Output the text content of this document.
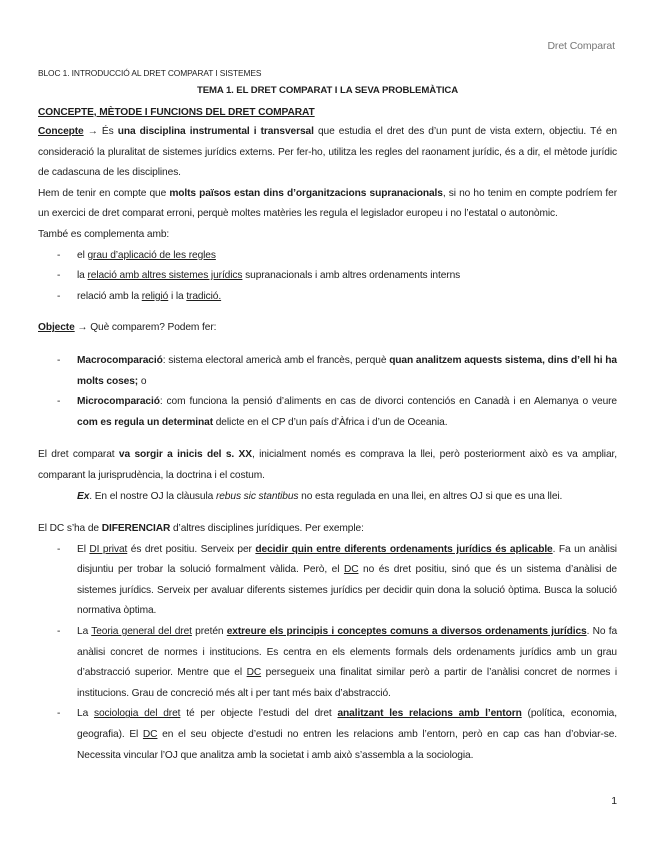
Dret Comparat
BLOC 1. INTRODUCCIÓ AL DRET COMPARAT I SISTEMES
TEMA 1. EL DRET COMPARAT I LA SEVA PROBLEMÀTICA
CONCEPTE, MÈTODE I FUNCIONS DEL DRET COMPARAT

Concepte → És una disciplina instrumental i transversal que estudia el dret des d’un punt de vista extern, objectiu. Té en consideració la pluralitat de sistemes jurídics externs. Per fer-ho, utilitza les regles del raonament jurídic, és a dir, el mètode jurídic de cadascuna de les disciplines.

Hem de tenir en compte que molts països estan dins d’organitzacions supranacionals, si no ho tenim en compte podríem fer un exercici de dret comparat erroni, perquè moltes matèries les regula el legislador europeu i no l’estatal o autonòmic.

També es complementa amb:

- el grau d’aplicació de les regles
- la relació amb altres sistemes jurídics supranacionals i amb altres ordenaments interns
- relació amb la religió i la tradició.

Objecte → Què comparem? Podem fer:

- Macrocomparació: sistema electoral americà amb el francès, perquè quan analitzem aquests sistema, dins d’ell hi ha molts coses; o
- Microcomparació: com funciona la pensió d’aliments en cas de divorci contenciós en Canadà i en Alemanya o veure com es regula un determinat delicte en el CP d’un país d’Àfrica i d’un de Oceania.

El dret comparat va sorgir a inicis del s. XX, inicialment només es comprava la llei, però posteriorment això es va ampliar, comparant la jurisprudència, la doctrina i el costum.

Ex. En el nostre OJ la clàusula rebus sic stantibus no esta regulada en una llei, en altres OJ si que es una llei.

El DC s’ha de DIFERENCIAR d’altres disciplines jurídiques. Per exemple:

- El DI privat és dret positiu. Serveix per decidir quin entre diferents ordenaments jurídics és aplicable. Fa un anàlisi disjuntiu per trobar la solució formalment vàlida. Però, el DC no és dret positiu, sinó que és un sistema d’anàlisi de sistemes jurídics. Serveix per avaluar diferents sistemes jurídics per decidir quin dona la solució òptima. Busca la solució normativa òptima.
- La Teoria general del dret pretén extreure els principis i conceptes comuns a diversos ordenaments jurídics. No fa anàlisi concret de normes i institucions. Es centra en els elements formals dels ordenaments jurídics amb un grau d’abstracció superior. Mentre que el DC persegueix una finalitat similar però a partir de l’anàlisi concret de normes i institucions. Grau de concreció més alt i per tant més baix d’abstracció.
- La sociologia del dret té per objecte l’estudi del dret analitzant les relacions amb l’entorn (política, economia, geografia). El DC en el seu objecte d’estudi no entren les relacions amb l’entorn, però en cap cas han d’obviar-se. Necessita vincular l’OJ que analitza amb la societat i amb això s’assembla a la sociologia.
1
